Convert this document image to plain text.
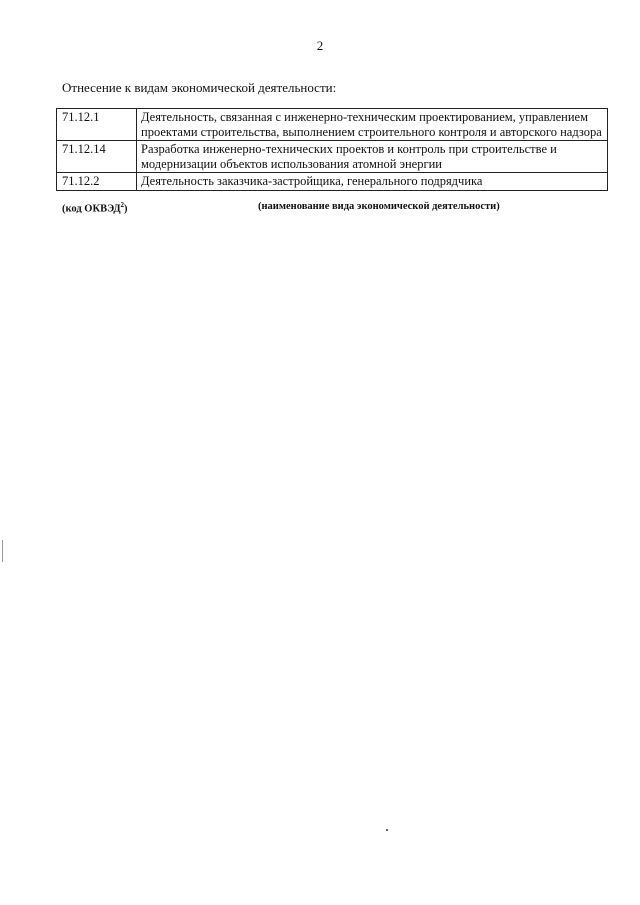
2
Отнесение к видам экономической деятельности:
71.12.1	Деятельность, связанная с инженерно-техническим проектированием, управлением проектами строительства, выполнением строительного контроля и авторского надзора
71.12.14	Разработка инженерно-технических проектов и контроль при строительстве и модернизации объектов использования атомной энергии
71.12.2	Деятельность заказчика-застройщика, генерального подрядчика
(код ОКВЭД$^2$)	(наименование вида экономической деятельности)
